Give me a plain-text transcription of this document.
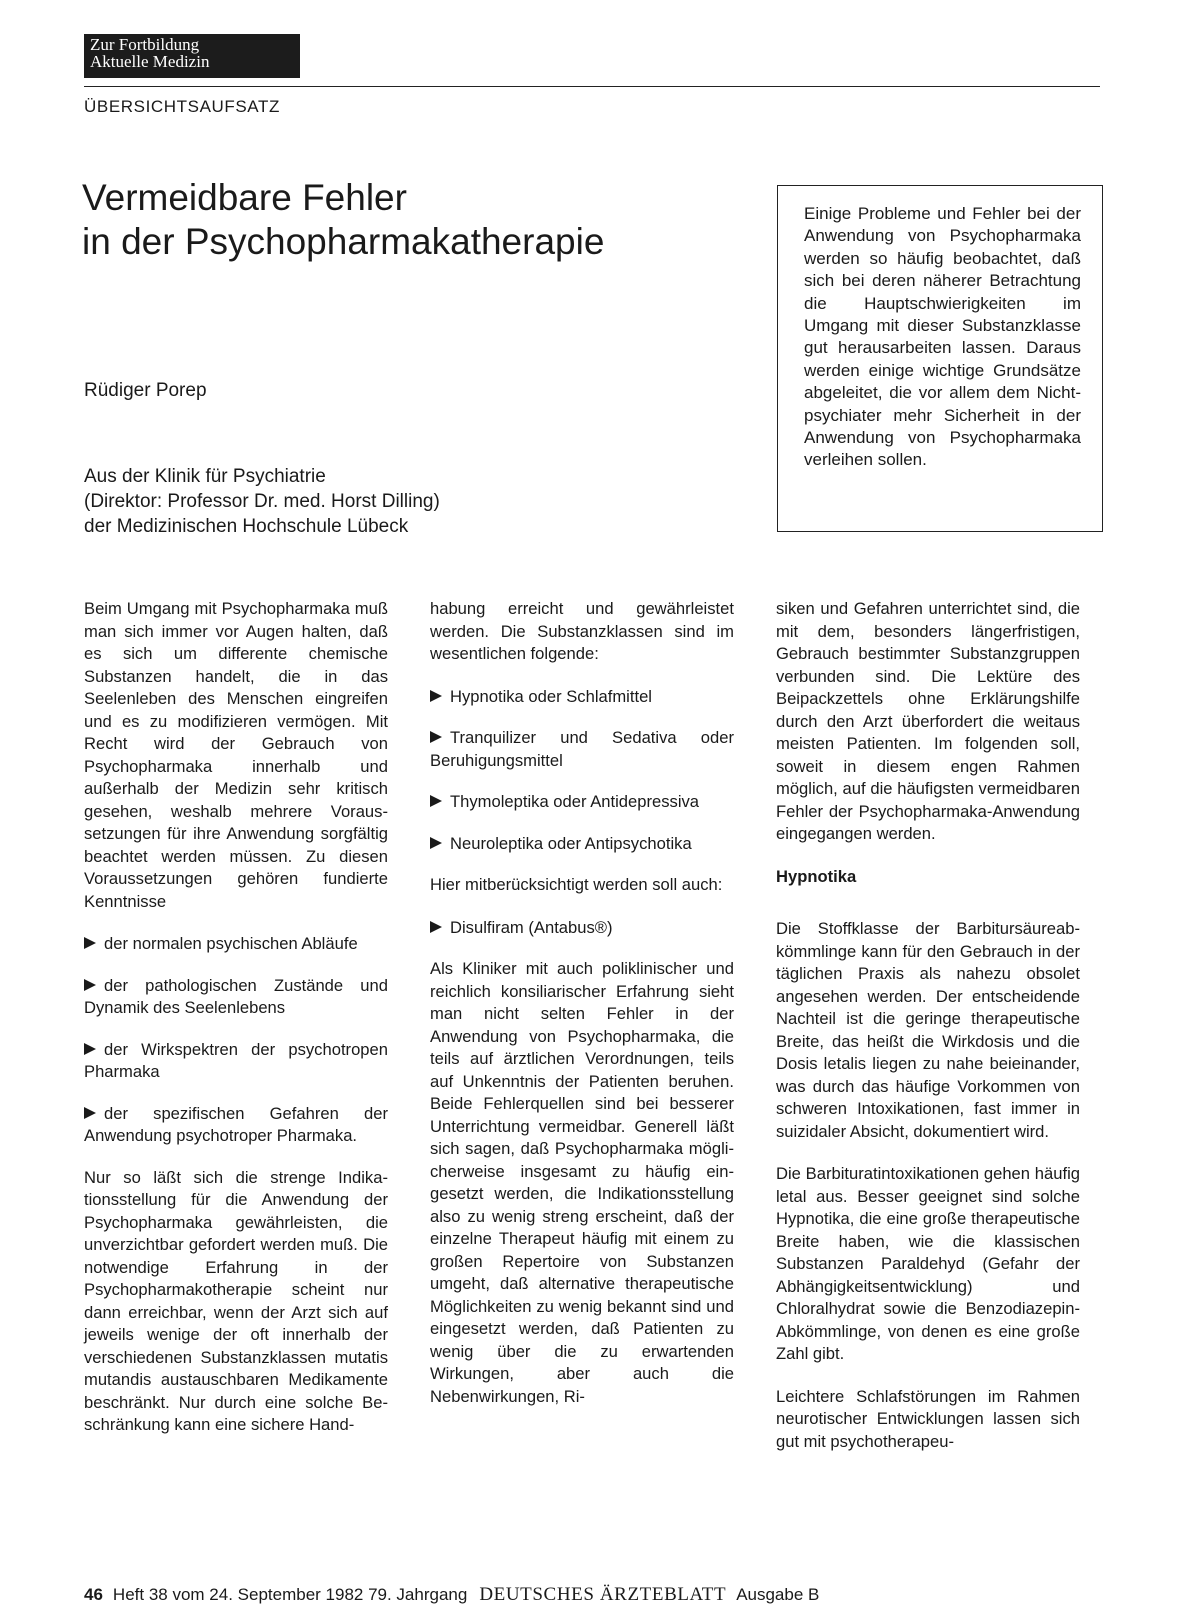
Zur Fortbildung
Aktuelle Medizin
ÜBERSICHTSAUFSATZ
Vermeidbare Fehler
in der Psychopharmakatherapie
Rüdiger Porep
Aus der Klinik für Psychiatrie
(Direktor: Professor Dr. med. Horst Dilling)
der Medizinischen Hochschule Lübeck
Einige Probleme und Fehler bei der Anwendung von Psychopharmaka werden so häufig beobachtet, daß sich bei deren näherer Betrachtung die Hauptschwierigkeiten im Umgang mit dieser Substanzklasse gut herausarbeiten lassen. Daraus werden einige wichtige Grundsätze abgeleitet, die vor allem dem Nichtpsychiater mehr Sicherheit in der Anwendung von Psychopharmaka verleihen sollen.

Beim Umgang mit Psychopharmaka muß man sich immer vor Augen halten, daß es sich um differente chemische Substanzen handelt, die in das Seelenleben des Menschen eingreifen und es zu modifizieren vermögen. Mit Recht wird der Gebrauch von Psychopharmaka innerhalb und außerhalb der Medizin sehr kritisch gesehen, weshalb mehrere Voraussetzungen für ihre Anwendung sorgfältig beachtet werden müssen. Zu diesen Voraussetzungen gehören fundierte Kenntnisse

der normalen psychischen Abläufe

der pathologischen Zustände und Dynamik des Seelenlebens

der Wirkspektren der psychotropen Pharmaka

der spezifischen Gefahren der Anwendung psychotroper Pharmaka.

Nur so läßt sich die strenge Indikationsstellung für die Anwendung der Psychopharmaka gewährleisten, die unverzichtbar gefordert werden muß. Die notwendige Erfahrung in der Psychopharmakotherapie scheint nur dann erreichbar, wenn der Arzt sich auf jeweils wenige der oft innerhalb der verschiedenen Substanzklassen mutatis mutandis austauschbaren Medikamente beschränkt. Nur durch eine solche Beschränkung kann eine sichere Hand-

habung erreicht und gewährleistet werden. Die Substanzklassen sind im wesentlichen folgende:

Hypnotika oder Schlafmittel

Tranquilizer und Sedativa oder Beruhigungsmittel

Thymoleptika oder Antidepressiva

Neuroleptika oder Antipsychotika

Hier mitberücksichtigt werden soll auch:

Disulfiram (Antabus®)

Als Kliniker mit auch poliklinischer und reichlich konsiliarischer Erfahrung sieht man nicht selten Fehler in der Anwendung von Psychopharmaka, die teils auf ärztlichen Verordnungen, teils auf Unkenntnis der Patienten beruhen. Beide Fehlerquellen sind bei besserer Unterrichtung vermeidbar. Generell läßt sich sagen, daß Psychopharmaka möglicherweise insgesamt zu häufig eingesetzt werden, die Indikationsstellung also zu wenig streng erscheint, daß der einzelne Therapeut häufig mit einem zu großen Repertoire von Substanzen umgeht, daß alternative therapeutische Möglichkeiten zu wenig bekannt sind und eingesetzt werden, daß Patienten zu wenig über die zu erwartenden Wirkungen, aber auch die Nebenwirkungen, Ri-

siken und Gefahren unterrichtet sind, die mit dem, besonders längerfristigen, Gebrauch bestimmter Substanzgruppen verbunden sind. Die Lektüre des Beipackzettels ohne Erklärungshilfe durch den Arzt überfordert die weitaus meisten Patienten. Im folgenden soll, soweit in diesem engen Rahmen möglich, auf die häufigsten vermeidbaren Fehler der Psychopharmaka-Anwendung eingegangen werden.

Hypnotika

Die Stoffklasse der Barbitursäureabkömmlinge kann für den Gebrauch in der täglichen Praxis als nahezu obsolet angesehen werden. Der entscheidende Nachteil ist die geringe therapeutische Breite, das heißt die Wirkdosis und die Dosis letalis liegen zu nahe beieinander, was durch das häufige Vorkommen von schweren Intoxikationen, fast immer in suizidaler Absicht, dokumentiert wird.

Die Barbituratintoxikationen gehen häufig letal aus. Besser geeignet sind solche Hypnotika, die eine große therapeutische Breite haben, wie die klassischen Substanzen Paraldehyd (Gefahr der Abhängigkeitsentwicklung) und Chloralhydrat sowie die Benzodiazepin-Abkömmlinge, von denen es eine große Zahl gibt.

Leichtere Schlafstörungen im Rahmen neurotischer Entwicklungen lassen sich gut mit psychotherapeu-

46 Heft 38 vom 24. September 1982 79. Jahrgang DEUTSCHES ÄRZTEBLATT Ausgabe B
